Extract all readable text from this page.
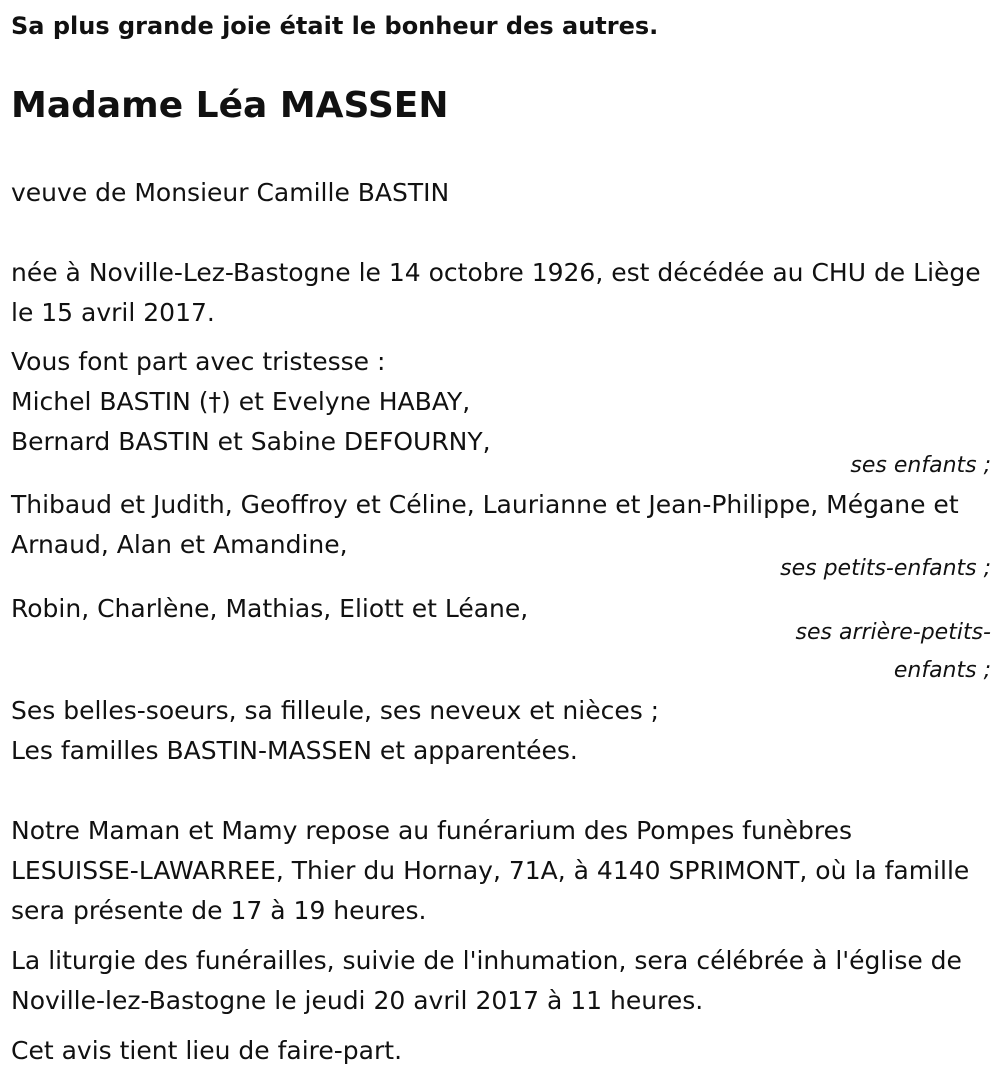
Sa plus grande joie était le bonheur des autres.
Madame Léa MASSEN
veuve de Monsieur Camille BASTIN
née à Noville-Lez-Bastogne le 14 octobre 1926, est décédée au CHU de Liège le 15 avril 2017.
Vous font part avec tristesse :
Michel BASTIN (†) et Evelyne HABAY,
Bernard BASTIN et Sabine DEFOURNY,
ses enfants ;
Thibaud et Judith, Geoffroy et Céline, Laurianne et Jean-Philippe, Mégane et Arnaud, Alan et Amandine,
ses petits-enfants ;
Robin, Charlène, Mathias, Eliott et Léane,
ses arrière-petits-
enfants ;
Ses belles-soeurs, sa filleule, ses neveux et nièces ;
Les familles BASTIN-MASSEN et apparentées.
Notre Maman et Mamy repose au funérarium des Pompes funèbres LESUISSE-LAWARREE, Thier du Hornay, 71A, à 4140 SPRIMONT, où la famille sera présente de 17 à 19 heures.
La liturgie des funérailles, suivie de l'inhumation, sera célébrée à l'église de Noville-lez-Bastogne le jeudi 20 avril 2017 à 11 heures.
Cet avis tient lieu de faire-part.
